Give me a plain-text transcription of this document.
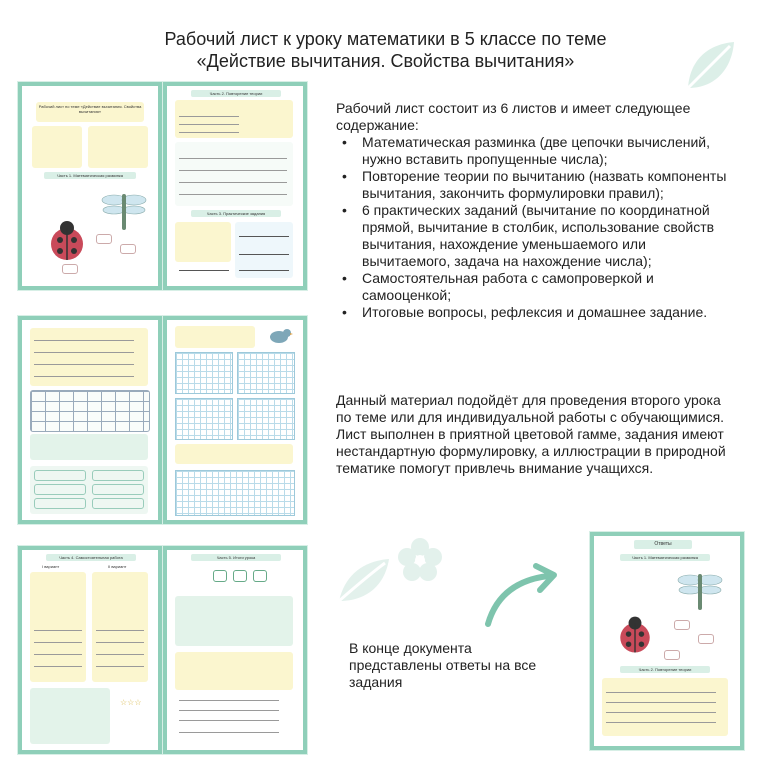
Рабочий лист к уроку математики в 5 классе по теме
«Действие вычитания. Свойства вычитания»
Рабочий лист по теме «Действие вычитания. Свойства вычитания»
Часть 1. Математическая разминка
Часть 2. Повторение теории
Часть 3. Практические задания
Часть 4. Самостоятельная работа
I вариант	II вариант
☆☆☆
Часть 5. Итоги урока
Ответы
Часть 1. Математическая разминка
Часть 2. Повторение теории

Рабочий лист состоит из 6 листов и имеет следующее содержание:

• Математическая разминка (две цепочки вычислений, нужно вставить пропущенные числа);
• Повторение теории по вычитанию (назвать компоненты вычитания, закончить формулировки правил);
• 6 практических заданий (вычитание по координатной прямой, вычитание в столбик, использование свойств вычитания, нахождение уменьшаемого или вычитаемого, задача на нахождение числа);
• Самостоятельная работа с самопроверкой и самооценкой;
• Итоговые вопросы, рефлексия и домашнее задание.
Данный материал подойдёт для проведения второго урока по теме или для индивидуальной работы с обучающимися.
Лист выполнен в приятной цветовой гамме, задания имеют нестандартную формулировку, а иллюстрации в природной тематике помогут привлечь внимание учащихся.
В конце документа представлены ответы на все задания
